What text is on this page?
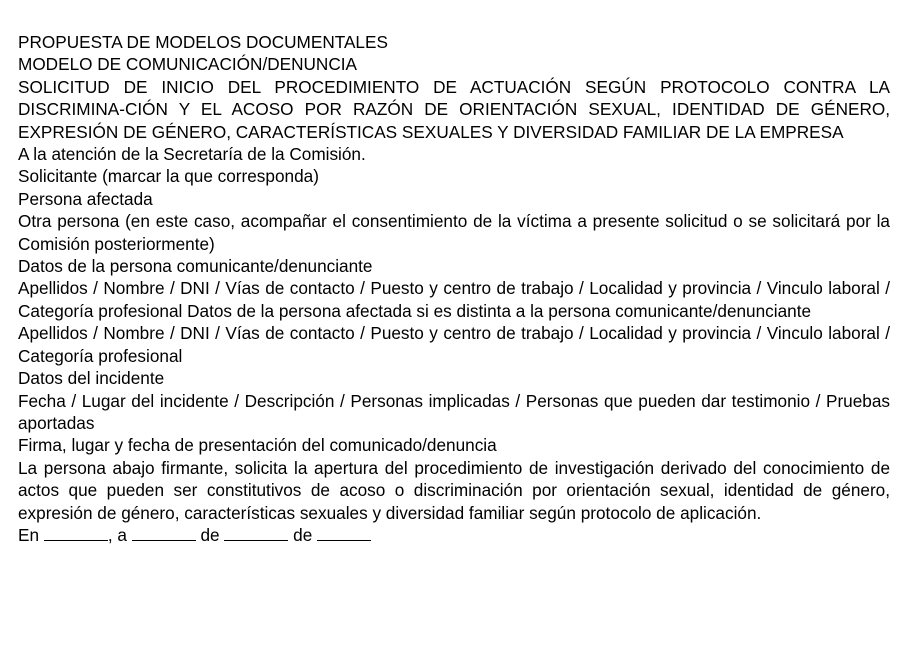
PROPUESTA DE MODELOS DOCUMENTALES
MODELO DE COMUNICACIÓN/DENUNCIA
SOLICITUD DE INICIO DEL PROCEDIMIENTO DE ACTUACIÓN SEGÚN PROTOCOLO CONTRA LA DISCRIMINA-CIÓN Y EL ACOSO POR RAZÓN DE ORIENTACIÓN SEXUAL, IDENTIDAD DE GÉNERO, EXPRESIÓN DE GÉNERO, CARACTERÍSTICAS SEXUALES Y DIVERSIDAD FAMILIAR DE LA EMPRESA
A la atención de la Secretaría de la Comisión.
Solicitante (marcar la que corresponda)
Persona afectada
Otra persona (en este caso, acompañar el consentimiento de la víctima a presente solicitud o se solicitará por la Comisión posteriormente)
Datos de la persona comunicante/denunciante
Apellidos / Nombre / DNI / Vías de contacto / Puesto y centro de trabajo / Localidad y provincia / Vinculo laboral / Categoría profesional Datos de la persona afectada si es distinta a la persona comunicante/denunciante
Apellidos / Nombre / DNI / Vías de contacto / Puesto y centro de trabajo / Localidad y provincia / Vinculo laboral / Categoría profesional
Datos del incidente
Fecha / Lugar del incidente / Descripción / Personas implicadas / Personas que pueden dar testimonio / Pruebas aportadas
Firma, lugar y fecha de presentación del comunicado/denuncia
La persona abajo firmante, solicita la apertura del procedimiento de investigación derivado del conocimiento de actos que pueden ser constitutivos de acoso o discriminación por orientación sexual, identidad de género, expresión de género, características sexuales y diversidad familiar según protocolo de aplicación.
En	, a	de	de
